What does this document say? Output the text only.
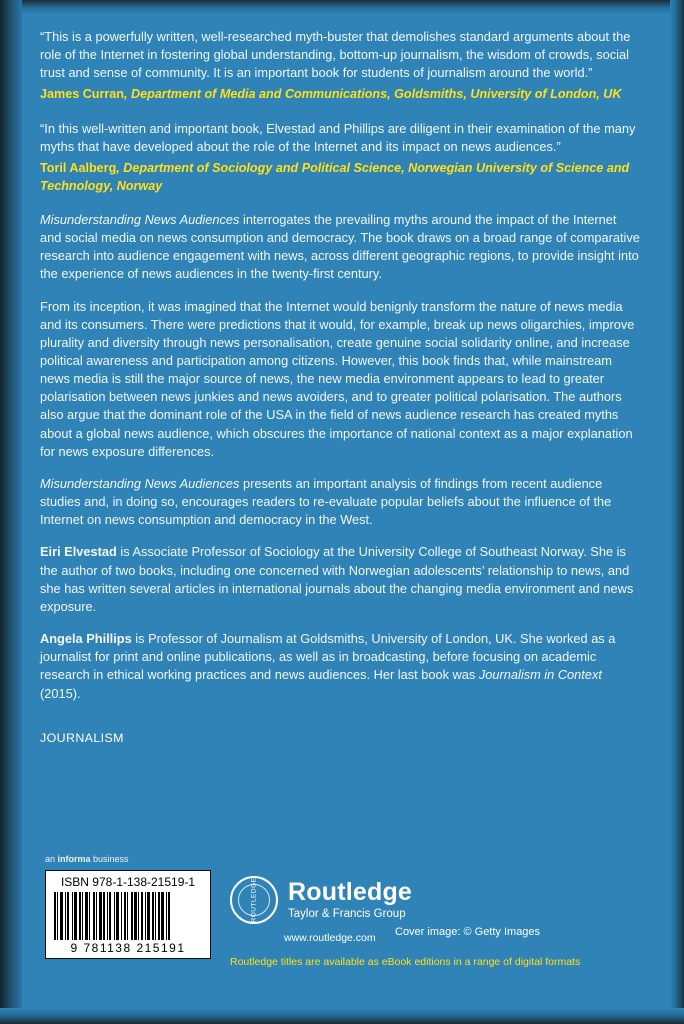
“This is a powerfully written, well-researched myth-buster that demolishes standard arguments about the role of the Internet in fostering global understanding, bottom-up journalism, the wisdom of crowds, social trust and sense of community. It is an important book for students of journalism around the world.”

James Curran, Department of Media and Communications, Goldsmiths, University of London, UK

“In this well-written and important book, Elvestad and Phillips are diligent in their examination of the many myths that have developed about the role of the Internet and its impact on news audiences.”

Toril Aalberg, Department of Sociology and Political Science, Norwegian University of Science and Technology, Norway

Misunderstanding News Audiences interrogates the prevailing myths around the impact of the Internet and social media on news consumption and democracy. The book draws on a broad range of comparative research into audience engagement with news, across different geographic regions, to provide insight into the experience of news audiences in the twenty-first century.

From its inception, it was imagined that the Internet would benignly transform the nature of news media and its consumers. There were predictions that it would, for example, break up news oligarchies, improve plurality and diversity through news personalisation, create genuine social solidarity online, and increase political awareness and participation among citizens. However, this book finds that, while mainstream news media is still the major source of news, the new media environment appears to lead to greater polarisation between news junkies and news avoiders, and to greater political polarisation. The authors also argue that the dominant role of the USA in the field of news audience research has created myths about a global news audience, which obscures the importance of national context as a major explanation for news exposure differences.

Misunderstanding News Audiences presents an important analysis of findings from recent audience studies and, in doing so, encourages readers to re-evaluate popular beliefs about the influence of the Internet on news consumption and democracy in the West.

Eiri Elvestad is Associate Professor of Sociology at the University College of Southeast Norway. She is the author of two books, including one concerned with Norwegian adolescents’ relationship to news, and she has written several articles in international journals about the changing media environment and news exposure.

Angela Phillips is Professor of Journalism at Goldsmiths, University of London, UK. She worked as a journalist for print and online publications, as well as in broadcasting, before focusing on academic research in ethical working practices and news audiences. Her last book was Journalism in Context (2015).

JOURNALISM
an informa business
ISBN 978-1-138-21519-1
9 781138 215191
ROUTLEDGE Routledge
Taylor & Francis Group
www.routledge.com	Cover image: © Getty Images
Routledge titles are available as eBook editions in a range of digital formats
